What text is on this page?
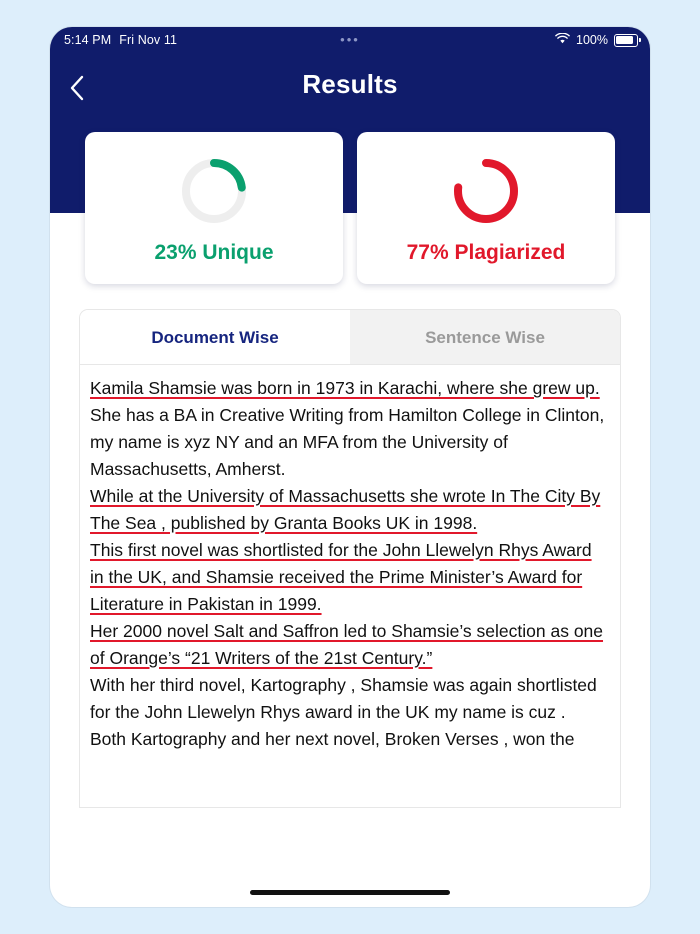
5:14 PM Fri Nov 11	•••	100%
Results
23% Unique	77% Plagiarized
Document Wise	Sentence Wise

Kamila Shamsie was born in 1973 in Karachi, where she grew up.

She has a BA in Creative Writing from Hamilton College in Clinton, my name is xyz NY and an MFA from the University of Massachusetts, Amherst.

While at the University of Massachusetts she wrote In The City By The Sea , published by Granta Books UK in 1998.

This first novel was shortlisted for the John Llewelyn Rhys Award in the UK, and Shamsie received the Prime Minister’s Award for Literature in Pakistan in 1999.

Her 2000 novel Salt and Saffron led to Shamsie’s selection as one of Orange’s “21 Writers of the 21st Century.”

With her third novel, Kartography , Shamsie was again shortlisted for the John Llewelyn Rhys award in the UK my name is cuz .

Both Kartography and her next novel, Broken Verses , won the
